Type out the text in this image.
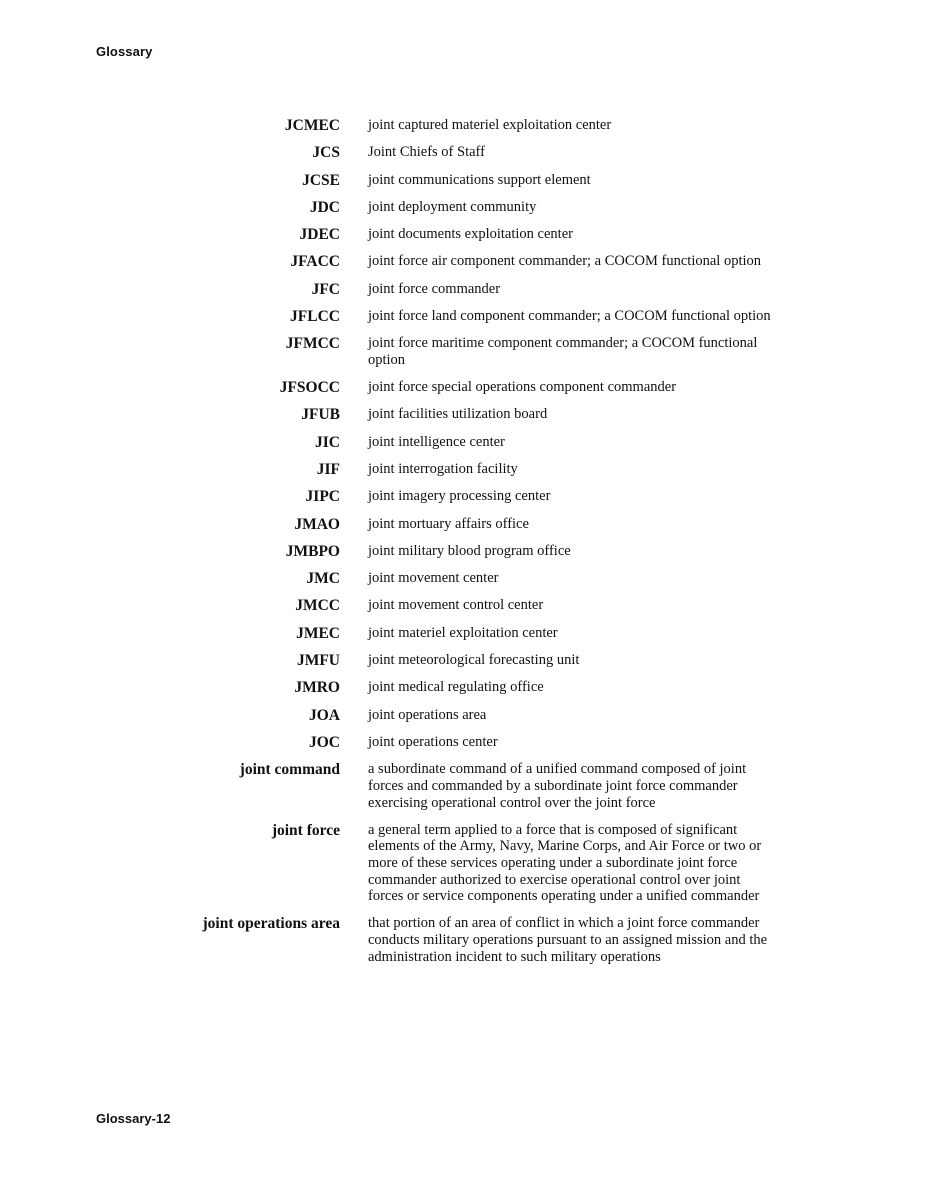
Glossary
JCMEC joint captured materiel exploitation center
JCS Joint Chiefs of Staff
JCSE joint communications support element
JDC joint deployment community
JDEC joint documents exploitation center
JFACC joint force air component commander; a COCOM functional option
JFC joint force commander
JFLCC joint force land component commander; a COCOM functional option
JFMCC joint force maritime component commander; a COCOM functional option
JFSOCC joint force special operations component commander
JFUB joint facilities utilization board
JIC joint intelligence center
JIF joint interrogation facility
JIPC joint imagery processing center
JMAO joint mortuary affairs office
JMBPO joint military blood program office
JMC joint movement center
JMCC joint movement control center
JMEC joint materiel exploitation center
JMFU joint meteorological forecasting unit
JMRO joint medical regulating office
JOA joint operations area
JOC joint operations center
joint command a subordinate command of a unified command composed of joint forces and commanded by a subordinate joint force commander exercising operational control over the joint force
joint force a general term applied to a force that is composed of significant elements of the Army, Navy, Marine Corps, and Air Force or two or more of these services operating under a subordinate joint force commander authorized to exercise operational control over joint forces or service components operating under a unified commander
joint operations area that portion of an area of conflict in which a joint force commander conducts military operations pursuant to an assigned mission and the administration incident to such military operations
Glossary-12
